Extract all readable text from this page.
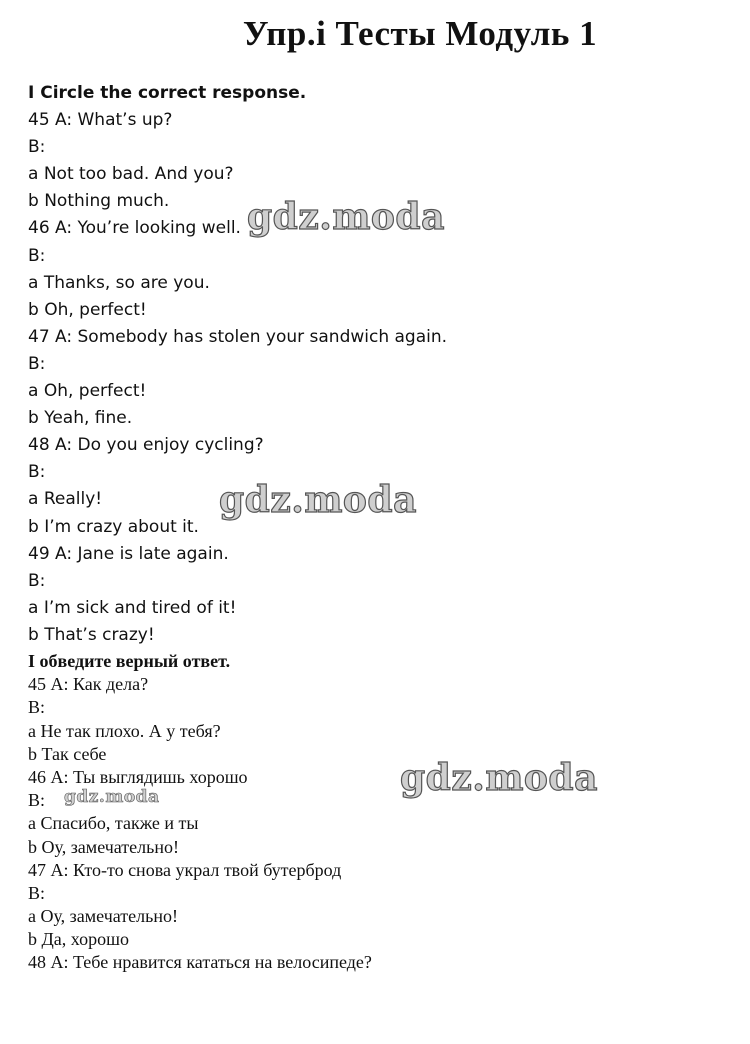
Упр.i Тесты Модуль 1
I Circle the correct response.
45 A: What’s up?
B:
a Not too bad. And you?
b Nothing much.
46 A: You’re looking well.
B:
a Thanks, so are you.
b Oh, perfect!
47 A: Somebody has stolen your sandwich again.
B:
a Oh, perfect!
b Yeah, fine.
48 A: Do you enjoy cycling?
B:
a Really!
b I’m crazy about it.
49 A: Jane is late again.
B:
a I’m sick and tired of it!
b That’s crazy!
I обведите верный ответ.
45 А: Как дела?
В:
а Не так плохо. А у тебя?
b Так себе
46 А: Ты выглядишь хорошо
В:
а Спасибо, также и ты
b Оу, замечательно!
47 А: Кто-то снова украл твой бутерброд
В:
а Оу, замечательно!
b Да, хорошо
48 А: Тебе нравится кататься на велосипеде?
gdz.moda
gdz.moda
gdz.moda
gdz.moda
